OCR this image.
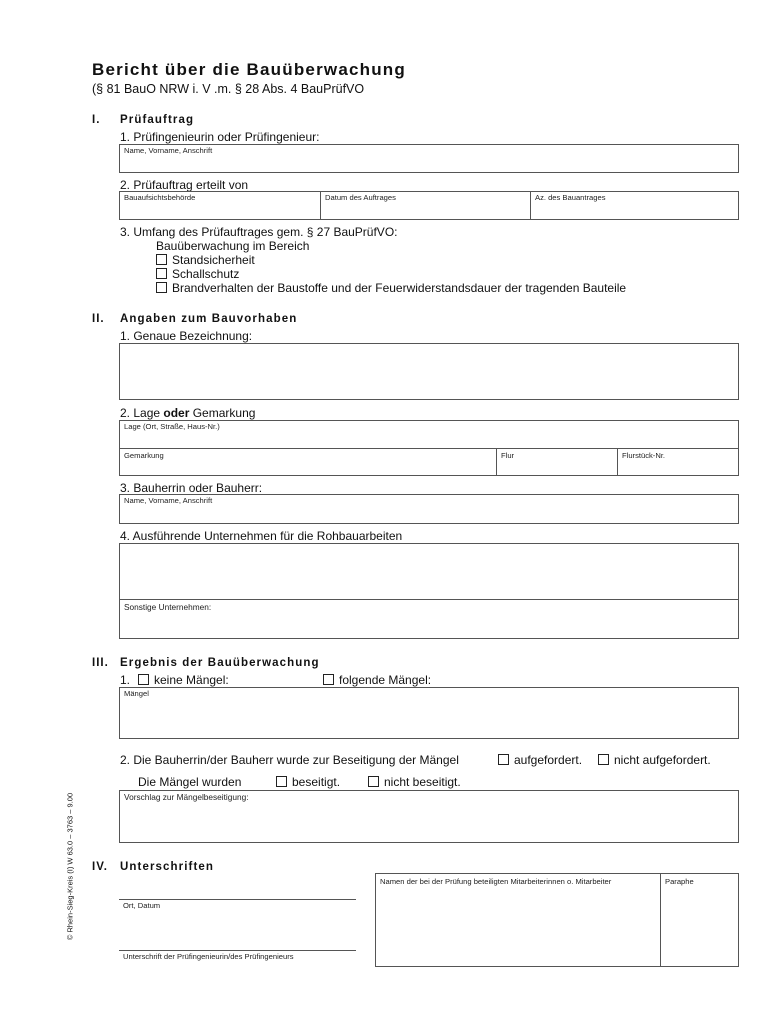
Bericht über die Bauüberwachung
(§ 81 BauO NRW i. V .m. § 28 Abs. 4 BauPrüfVO
I. Prüfauftrag
1. Prüfingenieurin oder Prüfingenieur:
Name, Vorname, Anschrift
2. Prüfauftrag erteilt von
Bauaufsichtsbehörde	Datum des Auftrages	Az. des Bauantrages
3. Umfang des Prüfauftrages gem. § 27 BauPrüfVO:
Bauüberwachung im Bereich
Standsicherheit
Schallschutz
Brandverhalten der Baustoffe und der Feuerwiderstandsdauer der tragenden Bauteile
II. Angaben zum Bauvorhaben
1. Genaue Bezeichnung:
2. Lage oder Gemarkung
Lage (Ort, Straße, Haus-Nr.)
Gemarkung	Flur	Flurstück-Nr.
3. Bauherrin oder Bauherr:
Name, Vorname, Anschrift
4. Ausführende Unternehmen für die Rohbauarbeiten
Sonstige Unternehmen:
III. Ergebnis der Bauüberwachung
1.	keine Mängel:	folgende Mängel:
Mängel
2. Die Bauherrin/der Bauherr wurde zur Beseitigung der Mängel	aufgefordert.	nicht aufgefordert.
Die Mängel wurden	beseitigt.	nicht beseitigt.
Vorschlag zur Mängelbeseitigung:
IV. Unterschriften
Ort, Datum
Unterschrift der Prüfingenieurin/des Prüfingenieurs
Namen der bei der Prüfung beteiligten Mitarbeiterinnen o. Mitarbeiter	Paraphe
© Rhein-Sieg-Kreis (I) W 63.0 – 3763 – 9.00
